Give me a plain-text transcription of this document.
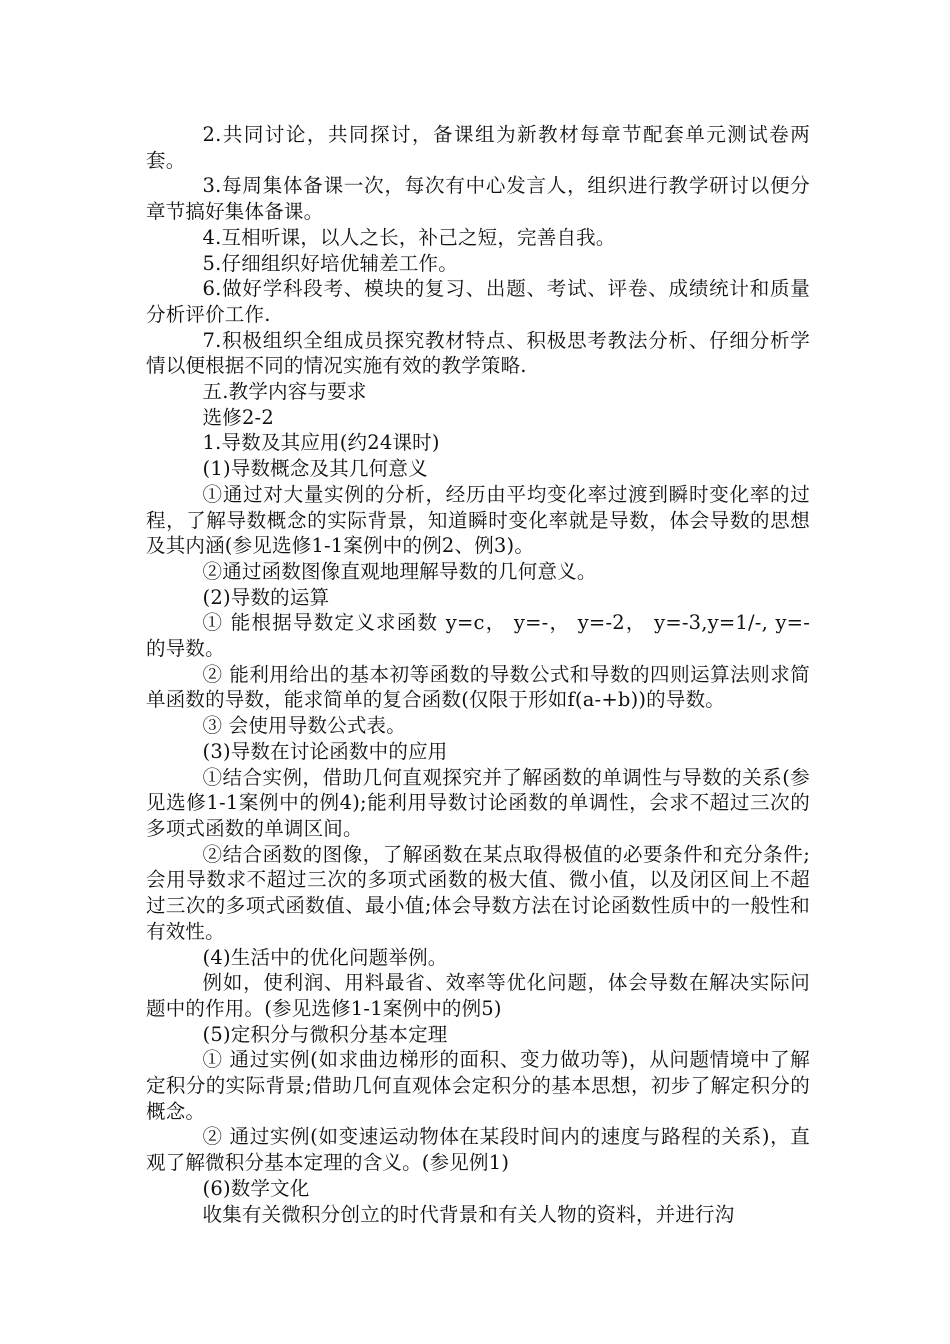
2.共同讨论，共同探讨，备课组为新教材每章节配套单元测试卷两套。

3.每周集体备课一次，每次有中心发言人，组织进行教学研讨以便分章节搞好集体备课。

4.互相听课，以人之长，补己之短，完善自我。

5.仔细组织好培优辅差工作。

6.做好学科段考、模块的复习、出题、考试、评卷、成绩统计和质量分析评价工作.

7.积极组织全组成员探究教材特点、积极思考教法分析、仔细分析学情以便根据不同的情况实施有效的教学策略.

五.教学内容与要求

选修2-2

1.导数及其应用(约24课时)

(1)导数概念及其几何意义

①通过对大量实例的分析，经历由平均变化率过渡到瞬时变化率的过程，了解导数概念的实际背景，知道瞬时变化率就是导数，体会导数的思想及其内涵(参见选修1-1案例中的例2、例3)。

②通过函数图像直观地理解导数的几何意义。

(2)导数的运算

① 能根据导数定义求函数 y=c， y=-， y=-2， y=-3,y=1/-, y=- 的导数。

② 能利用给出的基本初等函数的导数公式和导数的四则运算法则求简单函数的导数，能求简单的复合函数(仅限于形如f(a-+b))的导数。

③ 会使用导数公式表。

(3)导数在讨论函数中的应用

①结合实例，借助几何直观探究并了解函数的单调性与导数的关系(参见选修1-1案例中的例4);能利用导数讨论函数的单调性，会求不超过三次的多项式函数的单调区间。

②结合函数的图像，了解函数在某点取得极值的必要条件和充分条件;会用导数求不超过三次的多项式函数的极大值、微小值，以及闭区间上不超过三次的多项式函数值、最小值;体会导数方法在讨论函数性质中的一般性和有效性。

(4)生活中的优化问题举例。

例如，使利润、用料最省、效率等优化问题，体会导数在解决实际问题中的作用。(参见选修1-1案例中的例5)

(5)定积分与微积分基本定理

① 通过实例(如求曲边梯形的面积、变力做功等)，从问题情境中了解定积分的实际背景;借助几何直观体会定积分的基本思想，初步了解定积分的概念。

② 通过实例(如变速运动物体在某段时间内的速度与路程的关系)，直观了解微积分基本定理的含义。(参见例1)

(6)数学文化

收集有关微积分创立的时代背景和有关人物的资料，并进行沟
